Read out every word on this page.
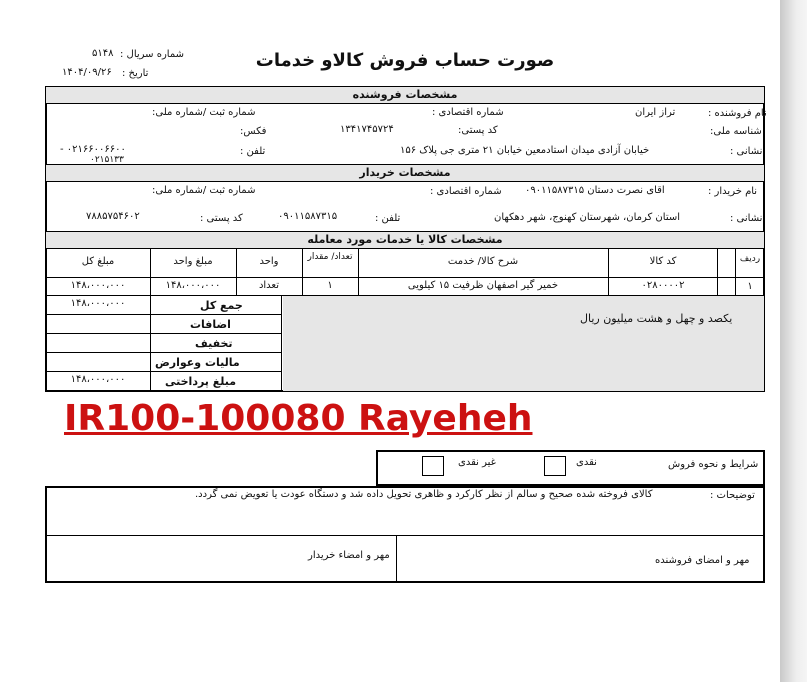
صورت حساب فروش کالاو خدمات
شماره سریال :
۵۱۴۸
تاریخ :
۱۴۰۴/۰۹/۲۶
مشخصات فروشنده
نام فروشنده :
تراز ایران
شماره اقتصادی :
شماره ثبت /شماره ملی:
شناسه ملی:
کد پستی:
۱۳۴۱۷۴۵۷۲۴
فکس:
نشانی :
خیابان آزادی میدان استادمعین خیابان ۲۱ متری جی پلاک ۱۵۶
تلفن :
۰۲۱۶۶۰۰۶۶۰۰ -
۰۲۱۵۱۳۳
مشخصات خریدار
نام خریدار :
اقای نصرت دستان ۰۹۰۱۱۵۸۷۳۱۵
شماره اقتصادی :
شماره ثبت /شماره ملی:
نشانی :
استان کرمان، شهرستان کهنوج، شهر دهکهان
تلفن :
۰۹۰۱۱۵۸۷۳۱۵
کد پستی :
۷۸۸۵۷۵۴۶۰۲
مشخصات کالا یا خدمات مورد معامله
ردیف
کد کالا
شرح کالا/ خدمت
تعداد/ مقدار
واحد
مبلغ واحد
مبلغ کل
۱
۰۲۸۰۰۰۰۲
خمیر گیر اصفهان ظرفیت ۱۵ کیلویی
۱
تعداد
۱۴۸،۰۰۰،۰۰۰
۱۴۸،۰۰۰،۰۰۰
جمع کل
۱۴۸،۰۰۰،۰۰۰
اضافات
تخفیف
مالیات وعوارض
مبلغ پرداختی
۱۴۸،۰۰۰،۰۰۰
یکصد و چهل و هشت میلیون ریال
IR100-100080 Rayeheh
شرایط و نحوه فروش
نقدی
غیر نقدی
توضیحات :
کالای فروخته شده صحیح و سالم از نظر کارکرد و ظاهری تحویل داده شد و دستگاه عودت یا تعویض نمی گردد.
مهر و امضای فروشنده
مهر و امضاء خریدار
